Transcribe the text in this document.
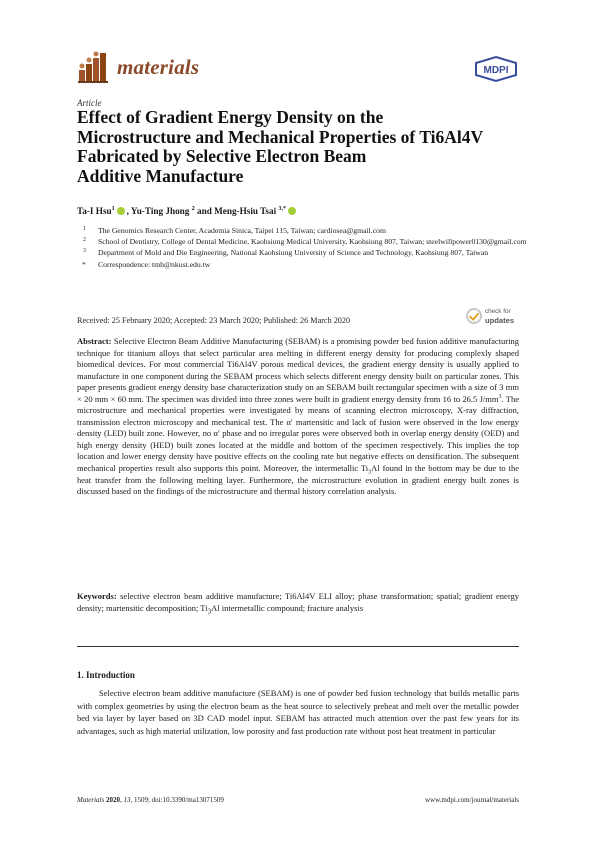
materials	MDPI
Article
Effect of Gradient Energy Density on the
Microstructure and Mechanical Properties of Ti6Al4V
Fabricated by Selective Electron Beam
Additive Manufacture
Ta-I Hsu$^1$ , Yu-Ting Jhong $^2$ and Meng-Hsiu Tsai $^{3,*}$
1 The Genomics Research Center, Academia Sinica, Taipei 115, Taiwan; cardiosea@gmail.com
2 School of Dentistry, College of Dental Medicine, Kaohsiung Medical University, Kaohsiung 807, Taiwan; steelwillpower0130@gmail.com
3 Department of Mold and Die Engineering, National Kaohsiung University of Science and Technology, Kaohsiung 807, Taiwan
* Correspondence: tmh@nkust.edu.tw
check for
updates
Received: 25 February 2020; Accepted: 23 March 2020; Published: 26 March 2020

Abstract: Selective Electron Beam Additive Manufacturing (SEBAM) is a promising powder bed fusion additive manufacturing technique for titanium alloys that select particular area melting in different energy density for producing complexly shaped biomedical devices. For most commercial Ti6Al4V porous medical devices, the gradient energy density is usually applied to manufacture in one component during the SEBAM process which selects different energy density built on particular zones. This paper presents gradient energy density base characterization study on an SEBAM built rectangular specimen with a size of 3 mm × 20 mm × 60 mm. The specimen was divided into three zones were built in gradient energy density from 16 to 26.5 $J/mm^3$. The microstructure and mechanical properties were investigated by means of scanning electron microscopy, X-ray diffraction, transmission electron microscopy and mechanical test. The α′ martensitic and lack of fusion were observed in the low energy density (LED) built zone. However, no α′ phase and no irregular pores were observed both in overlap energy density (OED) and high energy density (HED) built zones located at the middle and bottom of the specimen respectively. This implies the top location and lower energy density have positive effects on the cooling rate but negative effects on densification. The subsequent mechanical properties result also supports this point. Moreover, the intermetallic $Ti_3Al$ found in the bottom may be due to the heat transfer from the following melting layer. Furthermore, the microstructure evolution in gradient energy built zones is discussed based on the findings of the microstructure and thermal history correlation analysis.

Keywords: selective electron beam additive manufacture; Ti6Al4V ELI alloy; phase transformation; spatial; gradient energy density; martensitic decomposition; $Ti_3Al$ intermetallic compound; fracture analysis

1. Introduction

Selective electron beam additive manufacture (SEBAM) is one of powder bed fusion technology that builds metallic parts with complex geometries by using the electron beam as the heat source to selectively preheat and melt over the metallic powder bed via layer by layer based on 3D CAD model input. SEBAM has attracted much attention over the past few years for its advantages, such as high material utilization, low porosity and fast production rate without post heat treatment in particular

Materials 2020, 13, 1509; doi:10.3390/ma13071509	www.mdpi.com/journal/materials
